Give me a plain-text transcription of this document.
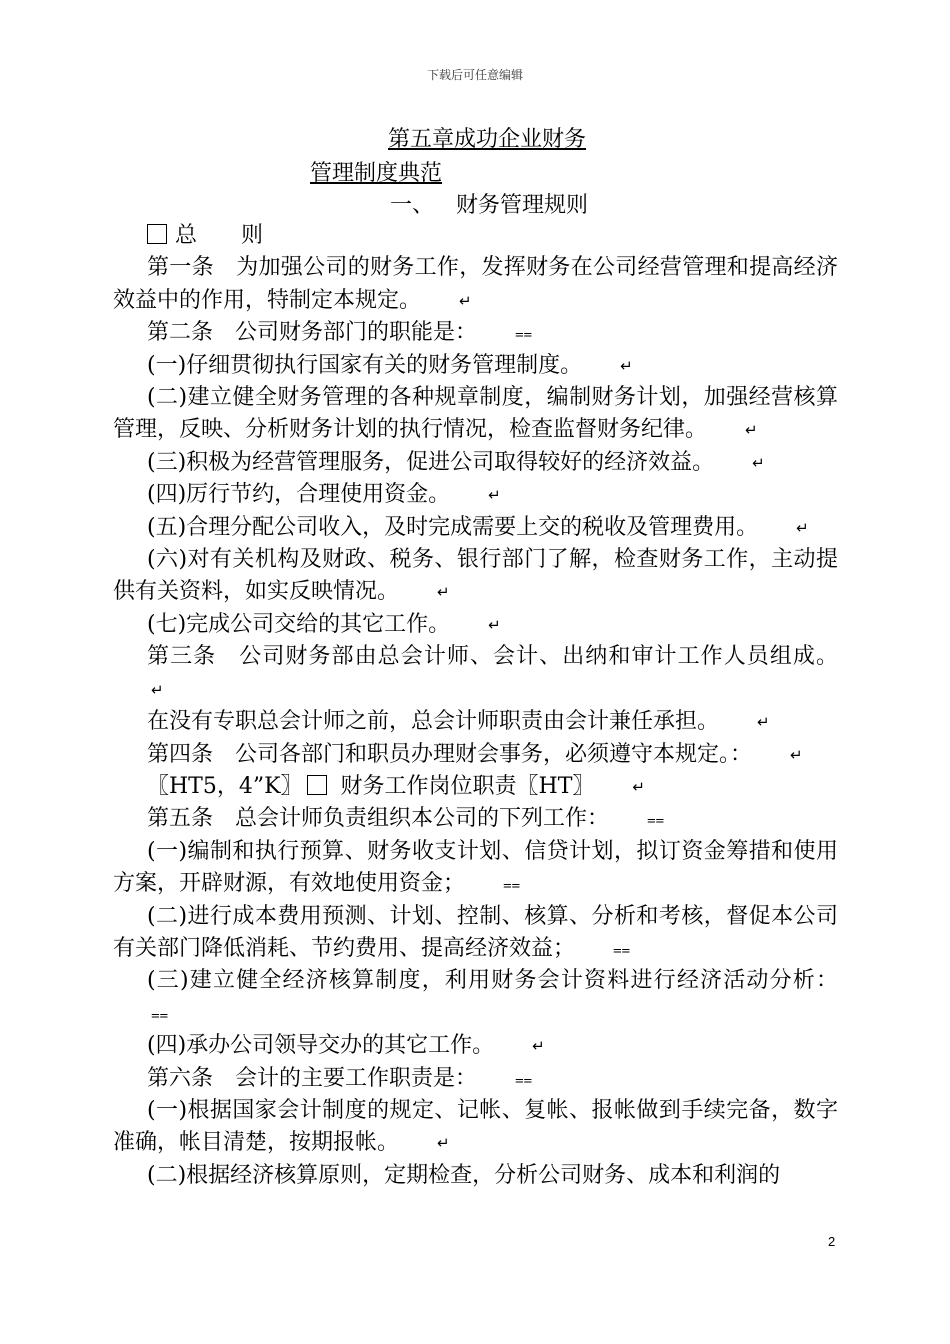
下载后可任意编辑
第五章成功企业财务
管理制度典范
一、 财务管理规则

总　　则

第一条　为加强公司的财务工作，发挥财务在公司经营管理和提高经济效益中的作用，特制定本规定。	↵

第二条　公司财务部门的职能是：	⩵

(一)仔细贯彻执行国家有关的财务管理制度。	↵

(二)建立健全财务管理的各种规章制度，编制财务计划，加强经营核算管理，反映、分析财务计划的执行情况，检查监督财务纪律。	↵

(三)积极为经营管理服务，促进公司取得较好的经济效益。	↵

(四)厉行节约，合理使用资金。	↵

(五)合理分配公司收入，及时完成需要上交的税收及管理费用。	↵

(六)对有关机构及财政、税务、银行部门了解，检查财务工作，主动提供有关资料，如实反映情况。	↵

(七)完成公司交给的其它工作。	↵

第三条　公司财务部由总会计师、会计、出纳和审计工作人员组成。↵

在没有专职总会计师之前，总会计师职责由会计兼任承担。	↵

第四条　公司各部门和职员办理财会事务，必须遵守本规定。：	↵

〖HT5，4”K〗 财务工作岗位职责〖HT〗	↵

第五条　总会计师负责组织本公司的下列工作：	⩵

(一)编制和执行预算、财务收支计划、信贷计划，拟订资金筹措和使用方案，开辟财源，有效地使用资金；	⩵

(二)进行成本费用预测、计划、控制、核算、分析和考核，督促本公司有关部门降低消耗、节约费用、提高经济效益；	⩵

(三)建立健全经济核算制度，利用财务会计资料进行经济活动分析：⩵

(四)承办公司领导交办的其它工作。	↵

第六条　会计的主要工作职责是：	⩵

(一)根据国家会计制度的规定、记帐、复帐、报帐做到手续完备，数字准确，帐目清楚，按期报帐。	↵

(二)根据经济核算原则，定期检查，分析公司财务、成本和利润的

2
